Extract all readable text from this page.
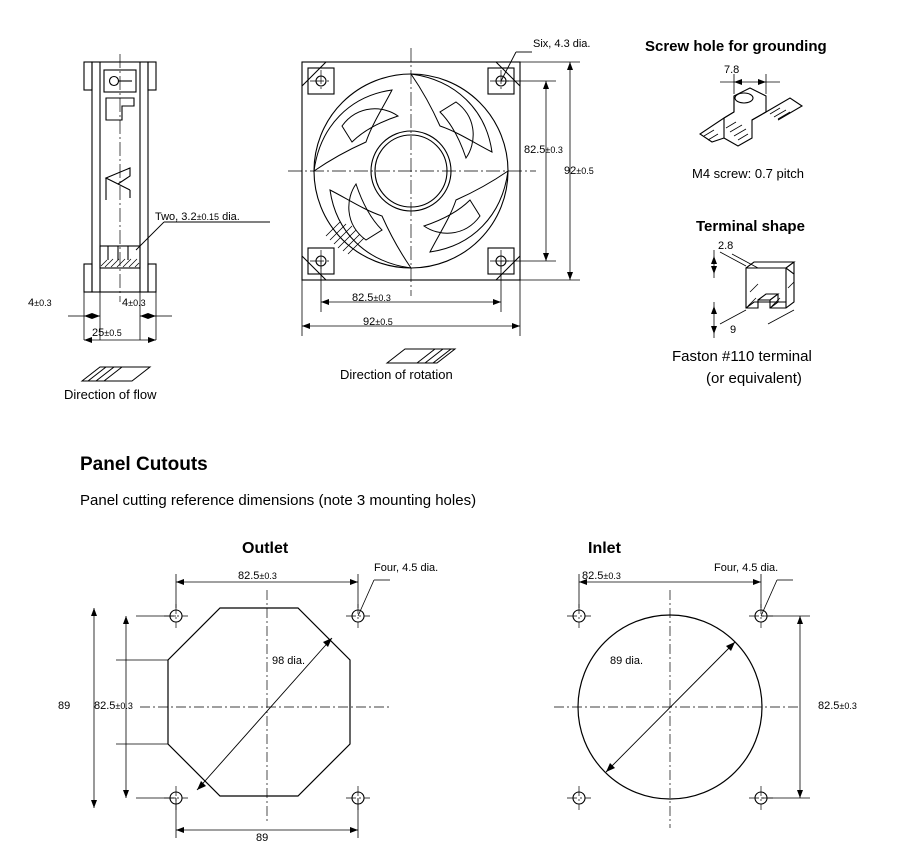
Two, 3.2±0.15 dia.
4±0.3	4±0.3
25±0.5
Direction of flow
Six, 4.3 dia.
82.5±0.3
92±0.5
82.5±0.3
92±0.5
Direction of rotation
Screw hole for grounding
7.8
M4 screw: 0.7 pitch
Terminal shape
2.8
9
Faston #110 terminal
(or equivalent)
Panel Cutouts
Panel cutting reference dimensions (note 3 mounting holes)
Outlet
82.5±0.3
Four, 4.5 dia.
98 dia.
89 82.5±0.3
89
Inlet
82.5±0.3
Four, 4.5 dia.
89 dia.
82.5±0.3
